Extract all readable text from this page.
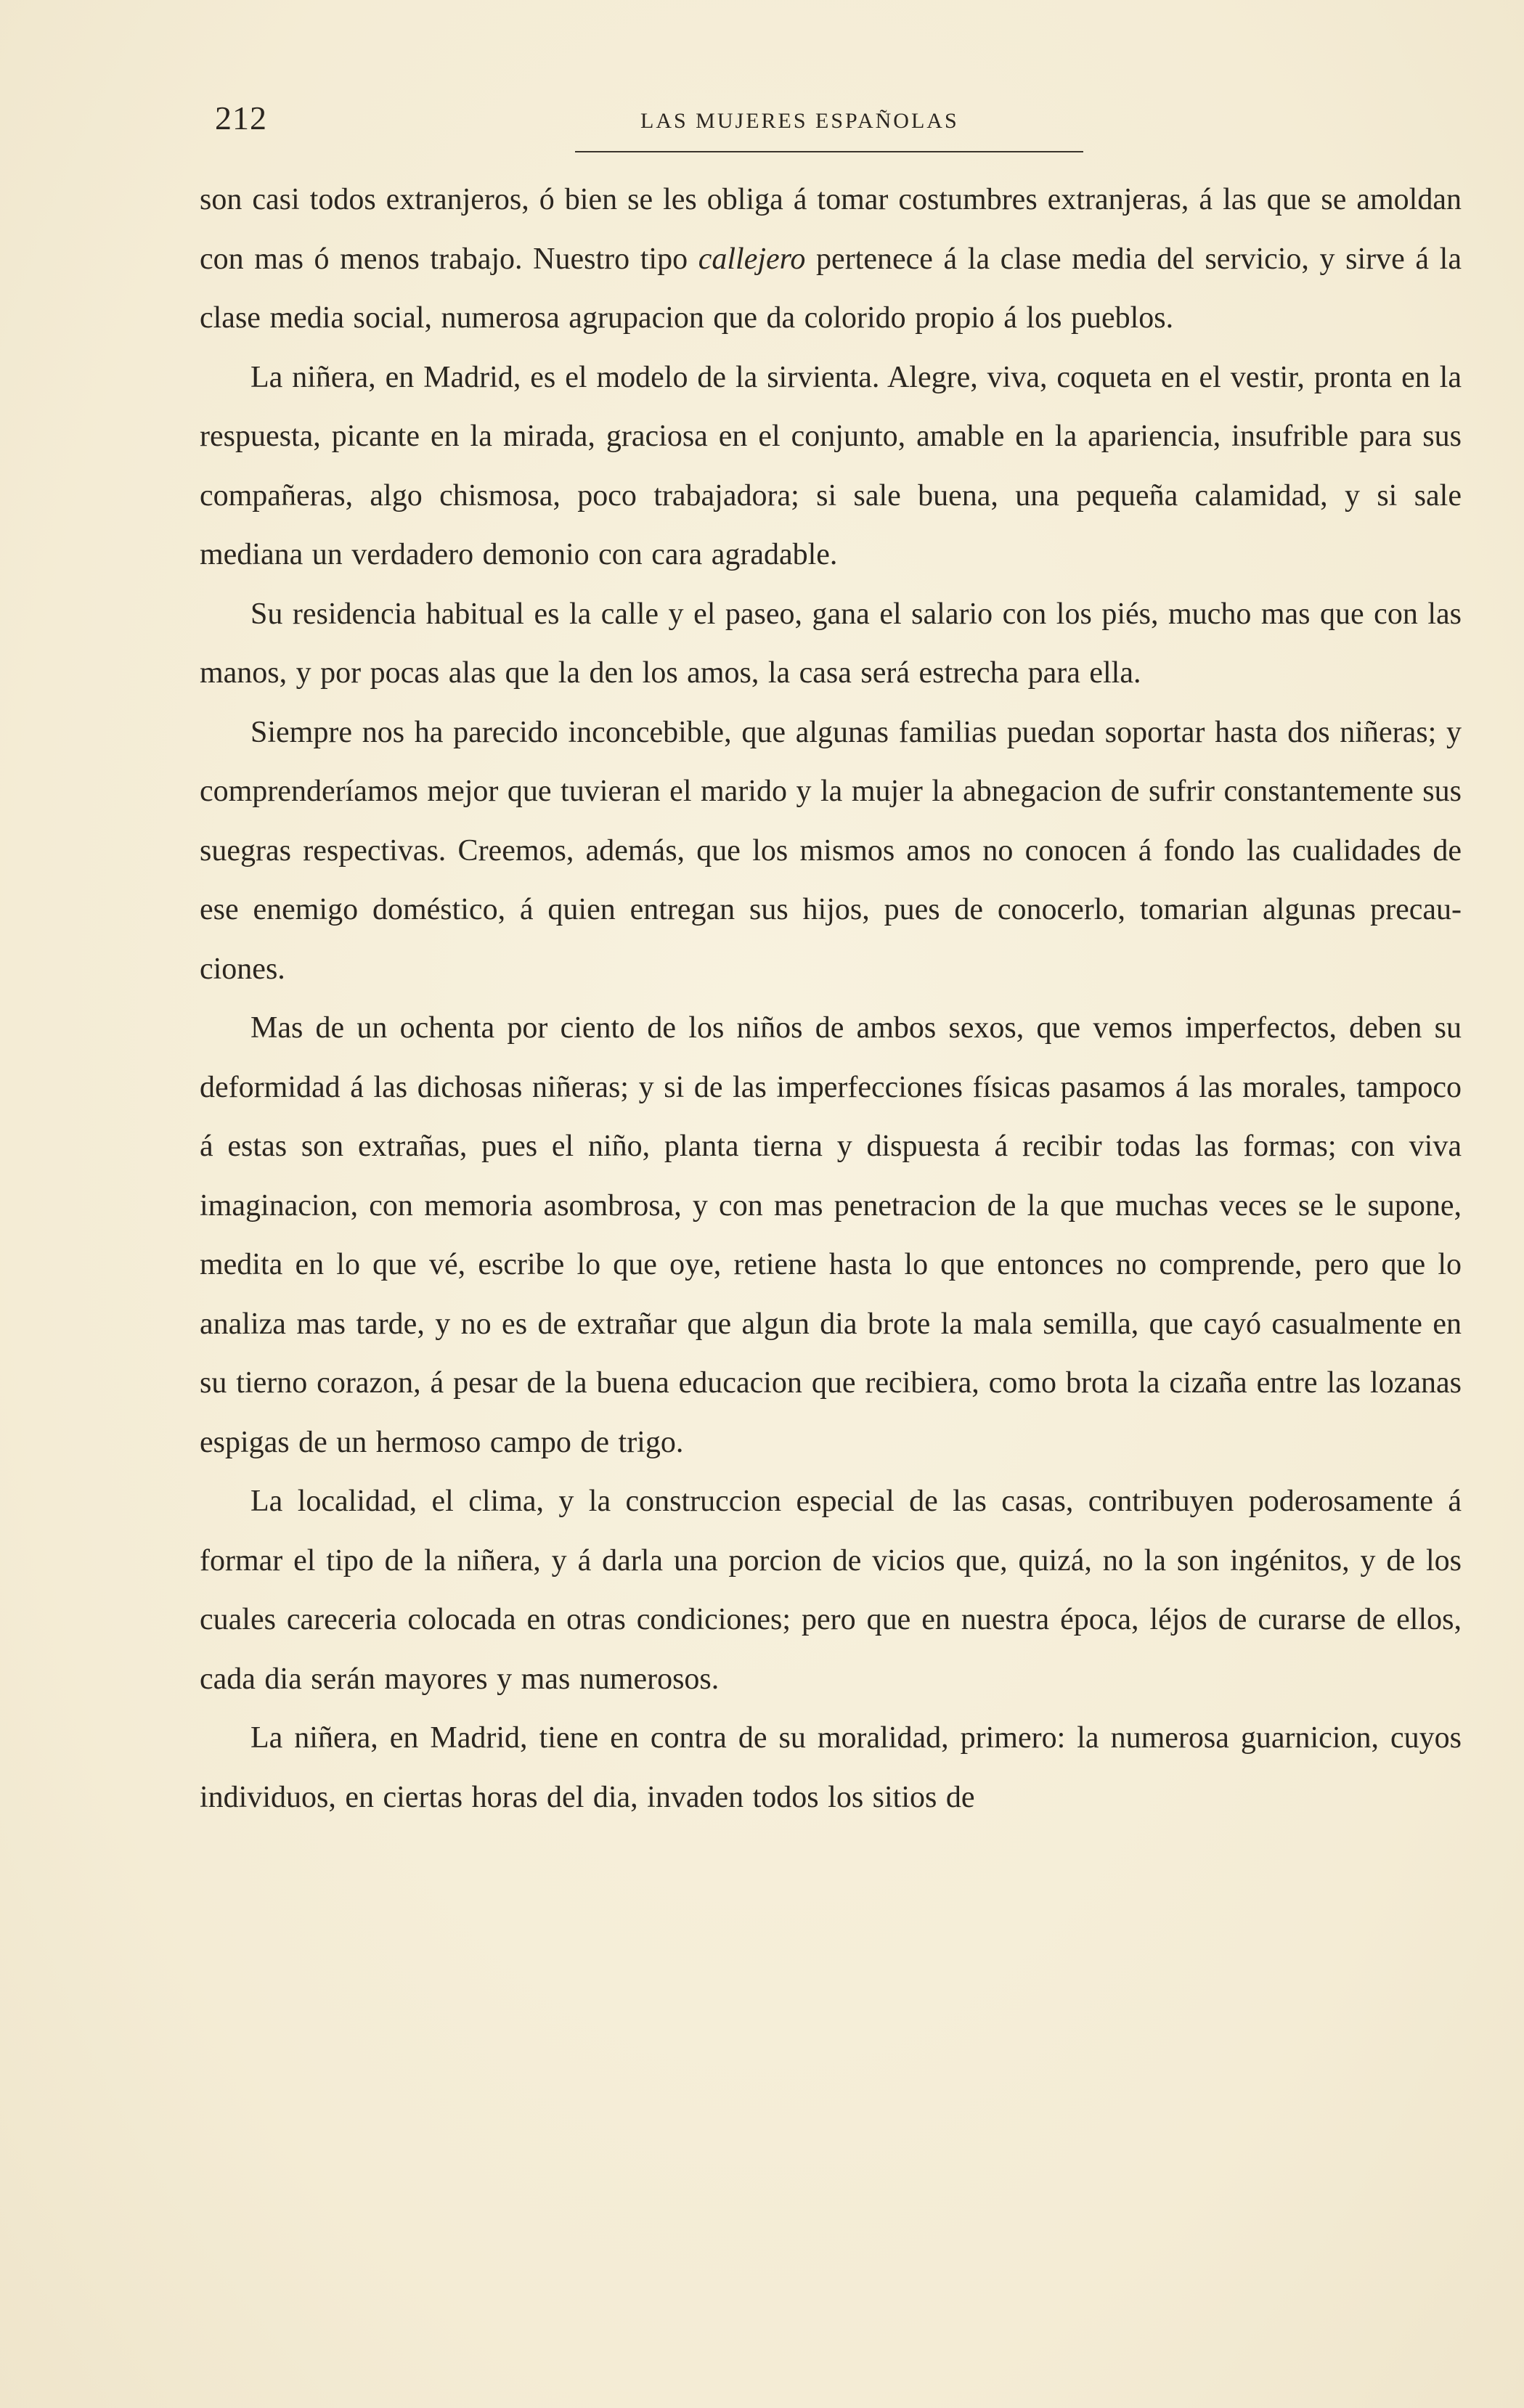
212	LAS MUJERES ESPAÑOLAS

son casi todos extranjeros, ó bien se les obliga á tomar costumbres extranjeras, á las que se amoldan con mas ó menos trabajo. Nuestro tipo callejero pertenece á la clase media del servicio, y sirve á la clase media social, numerosa agrupacion que da colorido propio á los pueblos.

La niñera, en Madrid, es el modelo de la sirvienta. Alegre, viva, coqueta en el vestir, pronta en la respuesta, picante en la mirada, graciosa en el conjunto, amable en la apariencia, insufrible para sus compañeras, algo chismosa, poco trabajadora; si sale buena, una pequeña calamidad, y si sale mediana un verdadero demonio con cara agradable.

Su residencia habitual es la calle y el paseo, gana el salario con los piés, mucho mas que con las manos, y por pocas alas que la den los amos, la casa será estrecha para ella.

Siempre nos ha parecido inconcebible, que algunas familias puedan soportar hasta dos niñeras; y comprenderíamos mejor que tuvieran el marido y la mujer la abnegacion de sufrir constantemente sus suegras respectivas. Creemos, además, que los mismos amos no conocen á fondo las cualidades de ese enemigo doméstico, á quien entregan sus hijos, pues de conocerlo, tomarian algunas precauciones.

Mas de un ochenta por ciento de los niños de ambos sexos, que vemos imperfectos, deben su deformidad á las dichosas niñeras; y si de las imperfecciones físicas pasamos á las morales, tampoco á estas son extrañas, pues el niño, planta tierna y dispuesta á recibir todas las formas; con viva imaginacion, con memoria asombrosa, y con mas penetracion de la que muchas veces se le supone, medita en lo que vé, escribe lo que oye, retiene hasta lo que entonces no comprende, pero que lo analiza mas tarde, y no es de extrañar que algun dia brote la mala semilla, que cayó casualmente en su tierno corazon, á pesar de la buena educacion que recibiera, como brota la cizaña entre las lozanas espigas de un hermoso campo de trigo.

La localidad, el clima, y la construccion especial de las casas, contribuyen poderosamente á formar el tipo de la niñera, y á darla una porcion de vicios que, quizá, no la son ingénitos, y de los cuales careceria colocada en otras condiciones; pero que en nuestra época, léjos de curarse de ellos, cada dia serán mayores y mas numerosos.

La niñera, en Madrid, tiene en contra de su moralidad, primero: la numerosa guarnicion, cuyos individuos, en ciertas horas del dia, invaden todos los sitios de
